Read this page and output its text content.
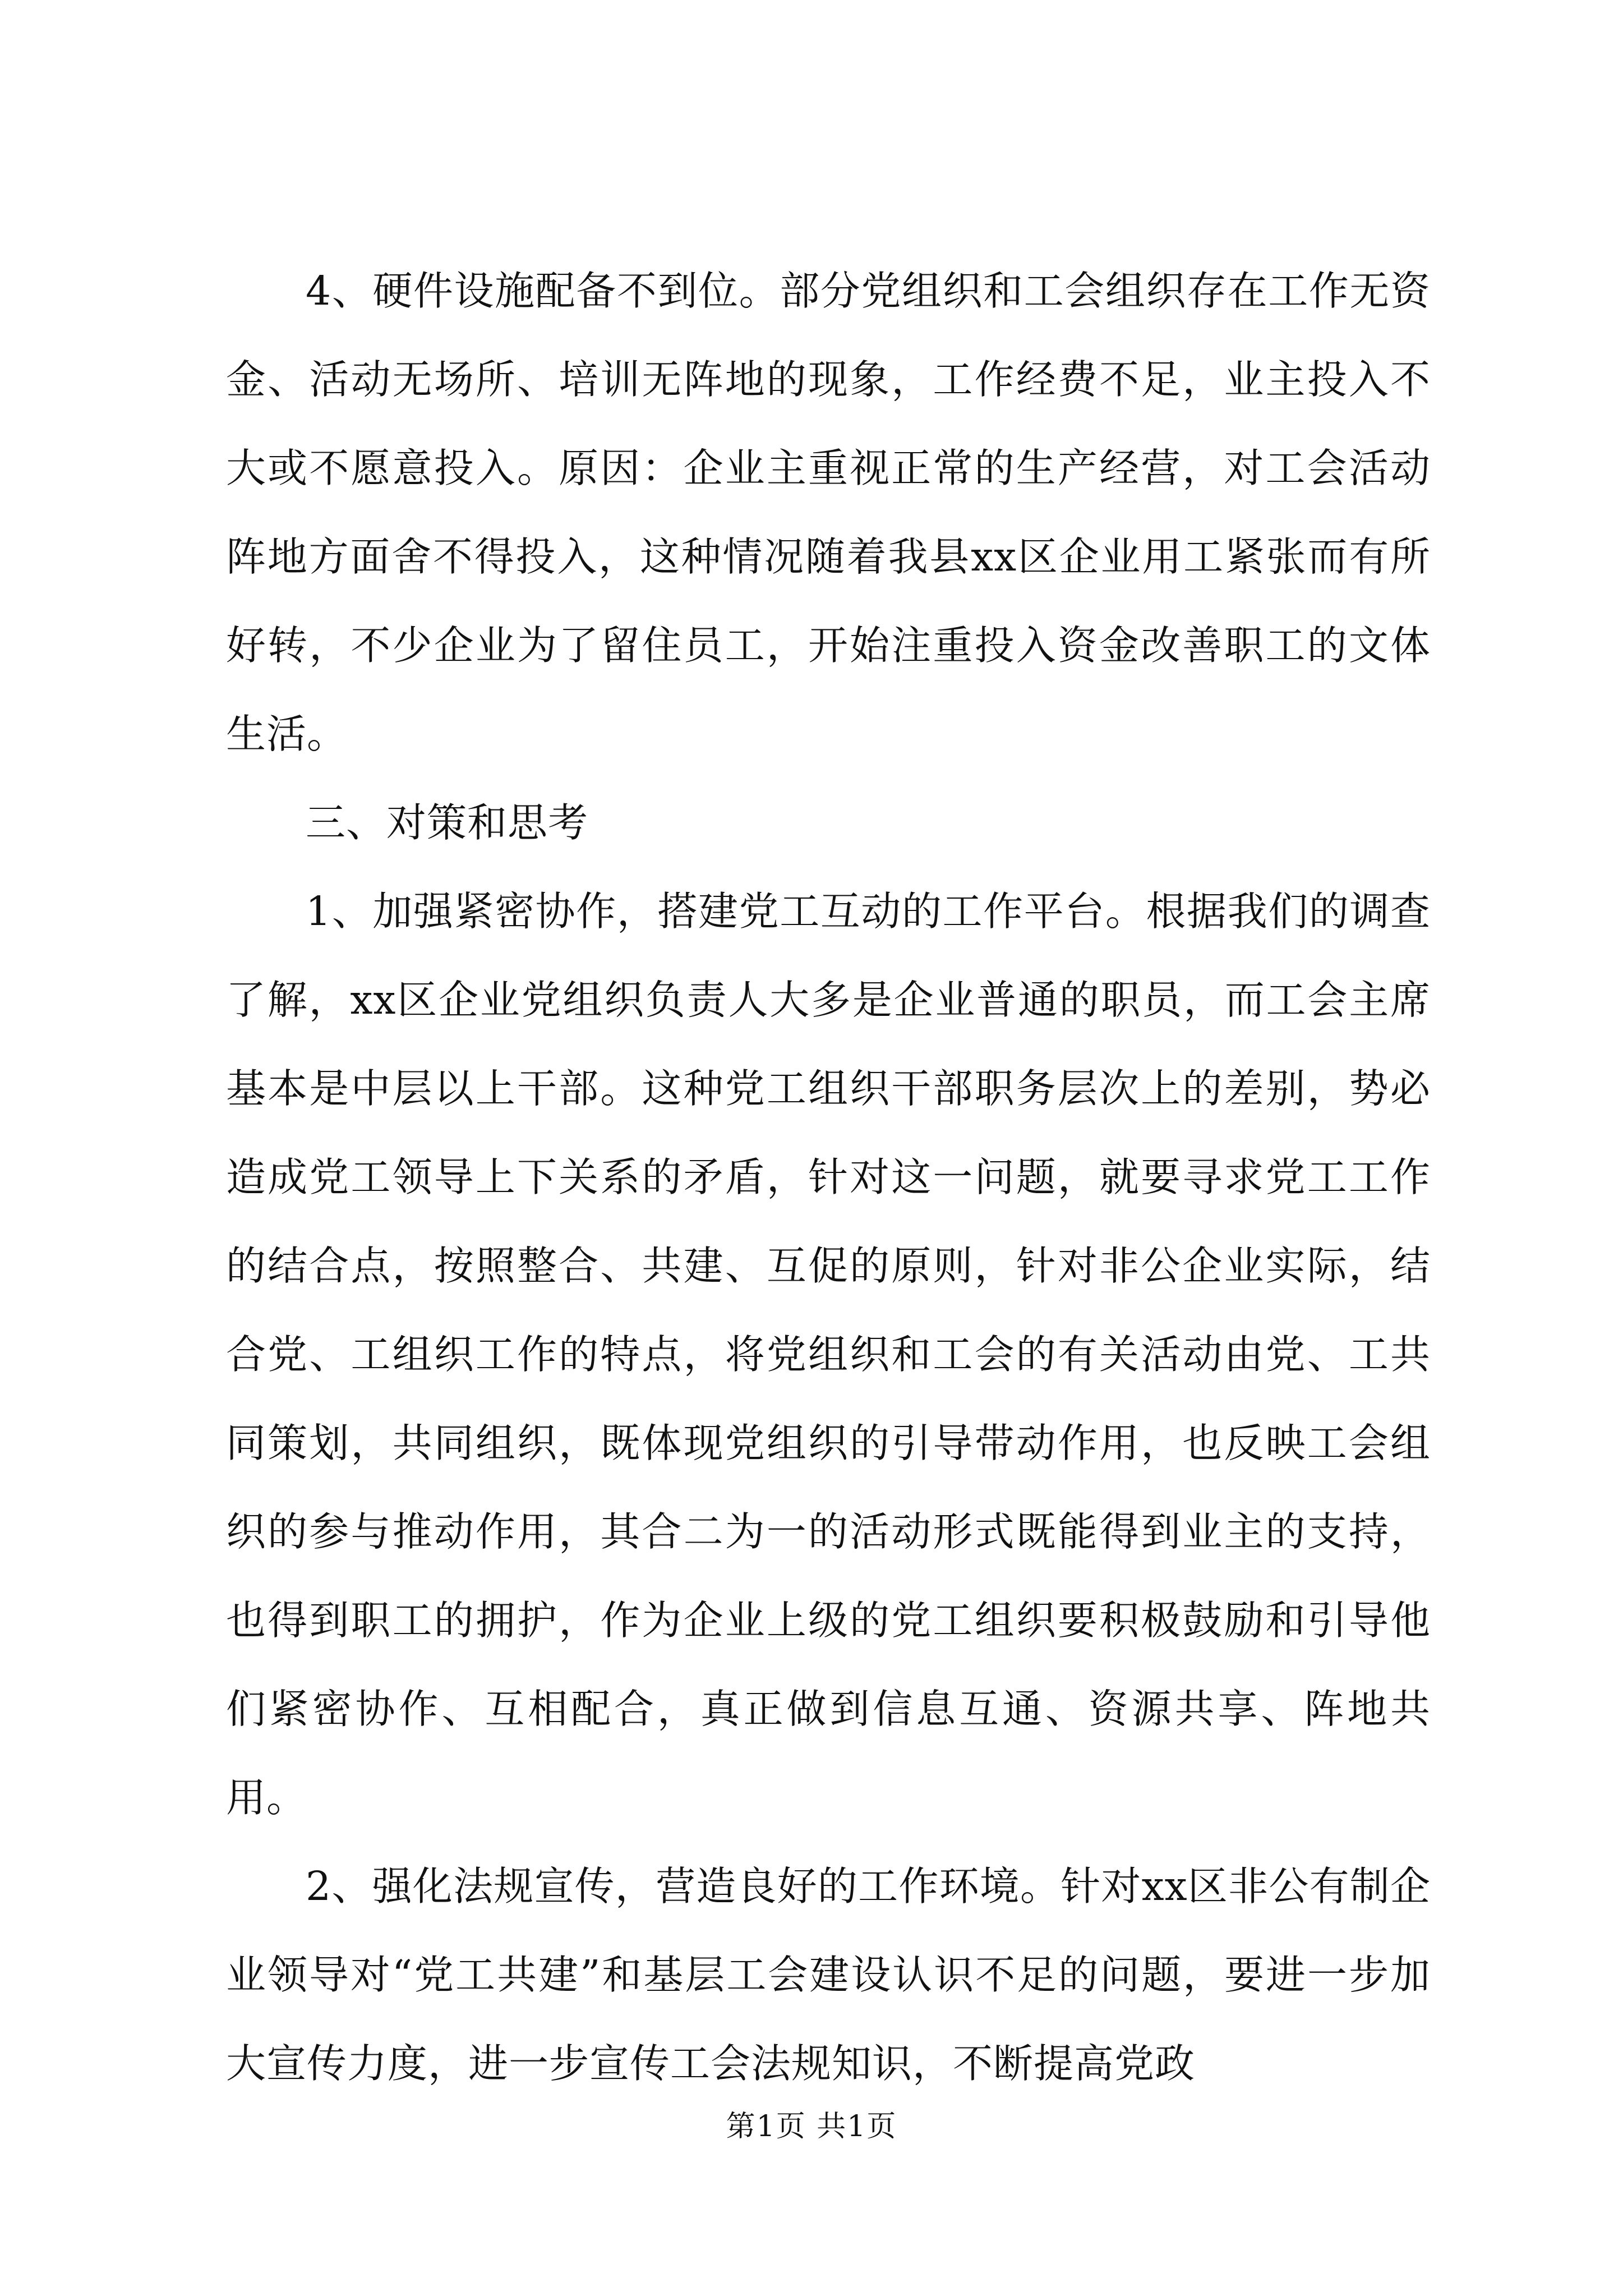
4、硬件设施配备不到位。部分党组织和工会组织存在工作无资金、活动无场所、培训无阵地的现象，工作经费不足，业主投入不大或不愿意投入。原因：企业主重视正常的生产经营，对工会活动阵地方面舍不得投入，这种情况随着我县xx区企业用工紧张而有所好转，不少企业为了留住员工，开始注重投入资金改善职工的文体生活。

三、对策和思考

1、加强紧密协作，搭建党工互动的工作平台。根据我们的调查了解，xx区企业党组织负责人大多是企业普通的职员，而工会主席基本是中层以上干部。这种党工组织干部职务层次上的差别，势必造成党工领导上下关系的矛盾，针对这一问题，就要寻求党工工作的结合点，按照整合、共建、互促的原则，针对非公企业实际，结合党、工组织工作的特点，将党组织和工会的有关活动由党、工共同策划，共同组织，既体现党组织的引导带动作用，也反映工会组织的参与推动作用，其合二为一的活动形式既能得到业主的支持，也得到职工的拥护，作为企业上级的党工组织要积极鼓励和引导他们紧密协作、互相配合，真正做到信息互通、资源共享、阵地共用。

2、强化法规宣传，营造良好的工作环境。针对xx区非公有制企业领导对“党工共建”和基层工会建设认识不足的问题，要进一步加大宣传力度，进一步宣传工会法规知识，不断提高党政

第1页 共1页
